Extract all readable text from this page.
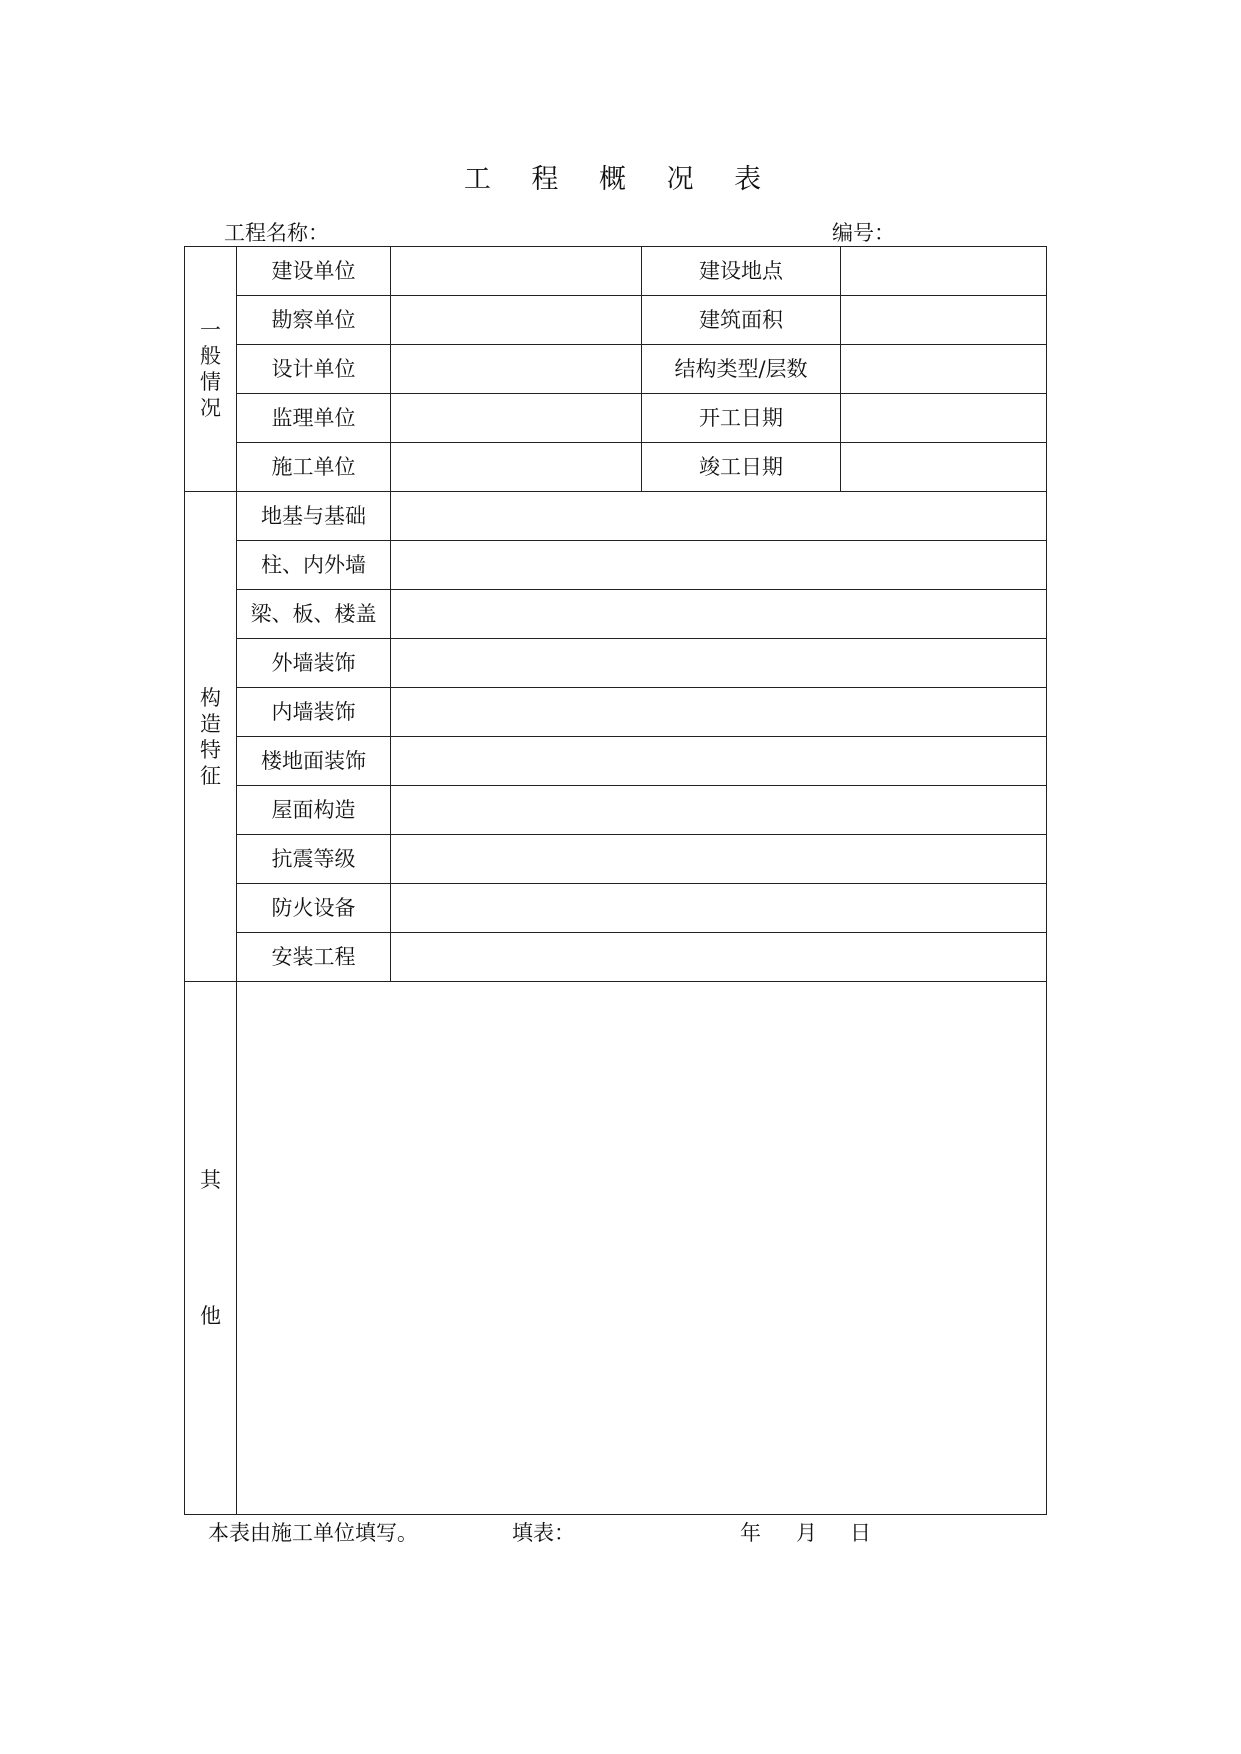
工 程 概 况 表
工程名称：	编号：
一
般
情
况	建设单位		建设地点	
	勘察单位		建筑面积	
	设计单位		结构类型/层数	
	监理单位		开工日期	
	施工单位		竣工日期	

构
造
特
征	地基与基础			
	柱、内外墙			
	梁、板、楼盖			
	外墙装饰			
	内墙装饰			
	楼地面装饰			
	屋面构造			
	抗震等级			
	防火设备			
	安装工程			

其
他				

本表由施工单位填写。	填表：	年 月 日
